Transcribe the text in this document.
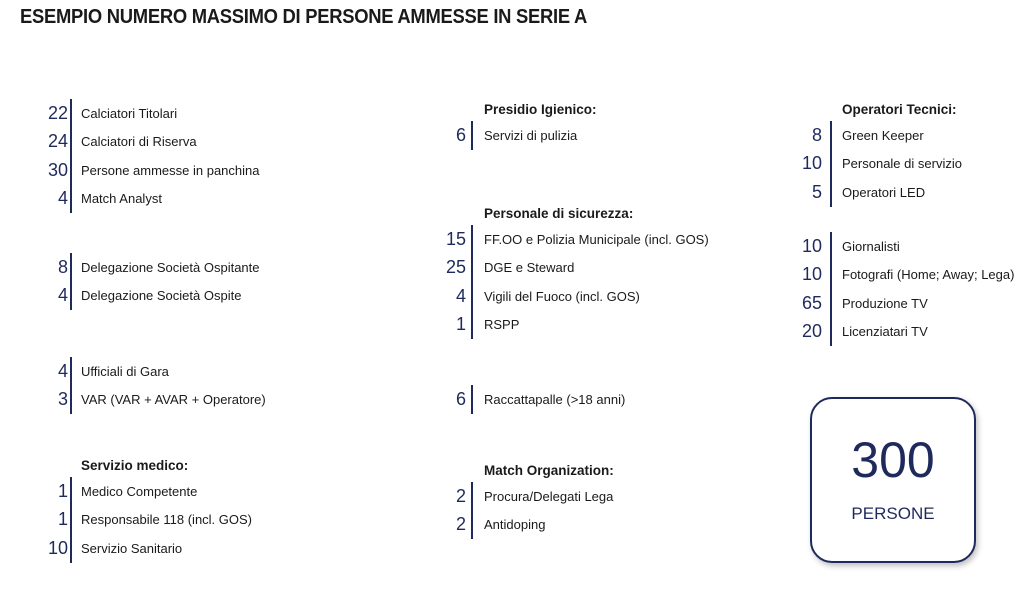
ESEMPIO NUMERO MASSIMO DI PERSONE AMMESSE IN SERIE A
22 Calciatori Titolari
24 Calciatori di Riserva
30 Persone ammesse in panchina
4 Match Analyst
8 Delegazione Società Ospitante
4 Delegazione Società Ospite
4 Ufficiali di Gara
3 VAR (VAR + AVAR + Operatore)
Servizio medico:
1 Medico Competente
1 Responsabile 118 (incl. GOS)
10 Servizio Sanitario
Presidio Igienico:
6 Servizi di pulizia
Personale di sicurezza:
15 FF.OO e Polizia Municipale (incl. GOS)
25 DGE e Steward
4 Vigili del Fuoco (incl. GOS)
1 RSPP
6 Raccattapalle (>18 anni)
Match Organization:
2 Procura/Delegati Lega
2 Antidoping
Operatori Tecnici:
8 Green Keeper
10 Personale di servizio
5 Operatori LED
10 Giornalisti
10 Fotografi (Home; Away; Lega)
65 Produzione TV
20 Licenziatari TV
300
PERSONE
